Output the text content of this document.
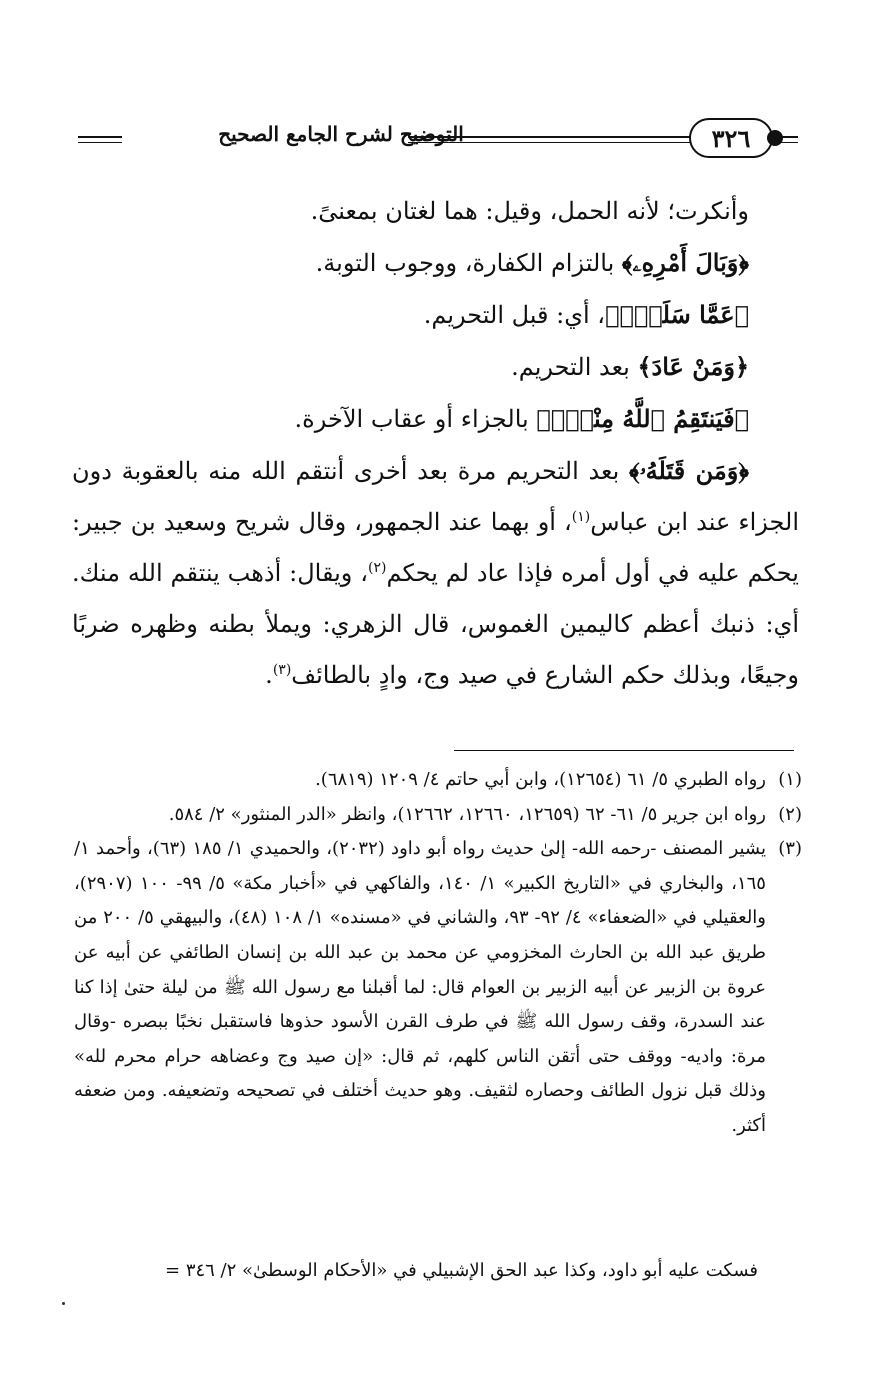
التوضيح لشرح الجامع الصحيح	٣٢٦

وأنكرت؛ لأنه الحمل، وقيل: هما لغتان بمعنىً.

﴿وَبَالَ أَمْرِهِۦ﴾ بالتزام الكفارة، ووجوب التوبة.

﴿عَمَّا سَلَفَۚ﴾، أي: قبل التحريم.

﴿وَمَنْ عَادَ﴾ بعد التحريم.

﴿فَيَنتَقِمُ ٱللَّهُ مِنْهُۚ﴾ بالجزاء أو عقاب الآخرة.

﴿وَمَن قَتَلَهُۥ﴾ بعد التحريم مرة بعد أخرى أنتقم الله منه بالعقوبة دون الجزاء عند ابن عباس$^{(١)}$، أو بهما عند الجمهور، وقال شريح وسعيد بن جبير: يحكم عليه في أول أمره فإذا عاد لم يحكم$^{(٢)}$، ويقال: أذهب ينتقم الله منك. أي: ذنبك أعظم كاليمين الغموس، قال الزهري: ويملأ بطنه وظهره ضربًا وجيعًا، وبذلك حكم الشارع في صيد وج، وادٍ بالطائف$^{(٣)}$.

(١)
رواه الطبري ٥/ ٦١ (١٢٦٥٤)، وابن أبي حاتم ٤/ ١٢٠٩ (٦٨١٩).
(٢)
رواه ابن جرير ٥/ ٦١- ٦٢ (١٢٦٥٩، ١٢٦٦٠، ١٢٦٦٢)، وانظر «الدر المنثور» ٢/ ٥٨٤.
(٣)
يشير المصنف -رحمه الله- إلىٰ حديث رواه أبو داود (٢٠٣٢)، والحميدي ١/ ١٨٥ (٦٣)، وأحمد ١/ ١٦٥، والبخاري في «التاريخ الكبير» ١/ ١٤٠، والفاكهي في «أخبار مكة» ٥/ ٩٩- ١٠٠ (٢٩٠٧)، والعقيلي في «الضعفاء» ٤/ ٩٢- ٩٣، والشاني في «مسنده» ١/ ١٠٨ (٤٨)، والبيهقي ٥/ ٢٠٠ من طريق عبد الله بن الحارث المخزومي عن محمد بن عبد الله بن إنسان الطائفي عن أبيه عن عروة بن الزبير عن أبيه الزبير بن العوام قال: لما أقبلنا مع رسول الله ﷺ من ليلة حتىٰ إذا كنا عند السدرة، وقف رسول الله ﷺ في طرف القرن الأسود حذوها فاستقبل نخبًا ببصره -وقال مرة: واديه- ووقف حتى أتقن الناس كلهم، ثم قال: «إن صيد وج وعضاهه حرام محرم لله» وذلك قبل نزول الطائف وحصاره لثقيف. وهو حديث أختلف في تصحيحه وتضعيفه. ومن ضعفه أكثر.
فسكت عليه أبو داود، وكذا عبد الحق الإشبيلي في «الأحكام الوسطىٰ» ٢/ ٣٤٦ =
